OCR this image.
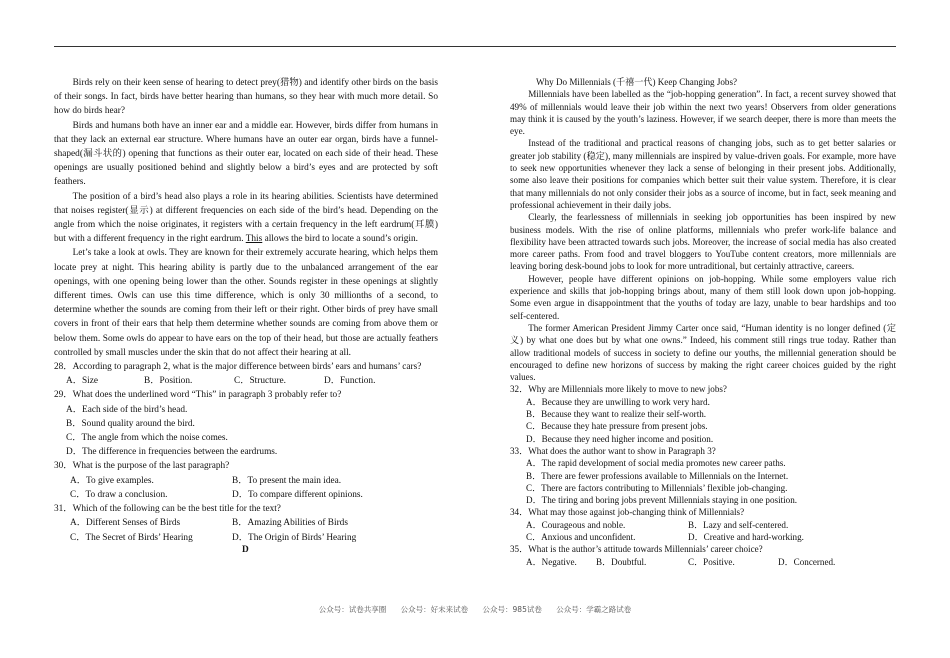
Birds rely on their keen sense of hearing to detect prey(猎物) and identify other birds on the basis of their songs. In fact, birds have better hearing than humans, so they hear with much more detail. So how do birds hear?

Birds and humans both have an inner ear and a middle ear. However, birds differ from humans in that they lack an external ear structure. Where humans have an outer ear organ, birds have a funnel-shaped(漏斗状的) opening that functions as their outer ear, located on each side of their head. These openings are usually positioned behind and slightly below a bird’s eyes and are protected by soft feathers.

The position of a bird’s head also plays a role in its hearing abilities. Scientists have determined that noises register(显示) at different frequencies on each side of the bird’s head. Depending on the angle from which the noise originates, it registers with a certain frequency in the left eardrum(耳膜) but with a different frequency in the right eardrum. This allows the bird to locate a sound’s origin.

Let’s take a look at owls. They are known for their extremely accurate hearing, which helps them locate prey at night. This hearing ability is partly due to the unbalanced arrangement of the ear openings, with one opening being lower than the other. Sounds register in these openings at slightly different times. Owls can use this time difference, which is only 30 millionths of a second, to determine whether the sounds are coming from their left or their right. Other birds of prey have small covers in front of their ears that help them determine whether sounds are coming from above them or below them. Some owls do appear to have ears on the top of their head, but those are actually feathers controlled by small muscles under the skin that do not affect their hearing at all.

28．According to paragraph 2, what is the major difference between birds’ ears and humans’ cars?
A．Size	B．Position.	C．Structure.	D．Function.
29．What does the underlined word “This” in paragraph 3 probably refer to?
A．Each side of the bird’s head.
B．Sound quality around the bird.
C．The angle from which the noise comes.
D．The difference in frequencies between the eardrums.
30．What is the purpose of the last paragraph?
A．To give examples.	B．To present the main idea.
C．To draw a conclusion.	D．To compare different opinions.
31．Which of the following can be the best title for the text?
A．Different Senses of Birds	B．Amazing Abilities of Birds
C．The Secret of Birds’ Hearing	D．The Origin of Birds’ Hearing
D
Why Do Millennials (千禧一代) Keep Changing Jobs?

Millennials have been labelled as the “job-hopping generation”. In fact, a recent survey showed that 49% of millennials would leave their job within the next two years! Observers from older generations may think it is caused by the youth’s laziness. However, if we search deeper, there is more than meets the eye.

Instead of the traditional and practical reasons of changing jobs, such as to get better salaries or greater job stability (稳定), many millennials are inspired by value-driven goals. For example, more have to seek new opportunities whenever they lack a sense of belonging in their present jobs. Additionally, some also leave their positions for companies which better suit their value system. Therefore, it is clear that many millennials do not only consider their jobs as a source of income, but in fact, seek meaning and professional achievement in their daily jobs.

Clearly, the fearlessness of millennials in seeking job opportunities has been inspired by new business models. With the rise of online platforms, millennials who prefer work-life balance and flexibility have been attracted towards such jobs. Moreover, the increase of social media has also created more career paths. From food and travel bloggers to YouTube content creators, more millennials are leaving boring desk-bound jobs to look for more untraditional, but certainly attractive, careers.

However, people have different opinions on job-hopping. While some employers value rich experience and skills that job-hopping brings about, many of them still look down upon job-hopping. Some even argue in disappointment that the youths of today are lazy, unable to bear hardships and too self-centered.

The former American President Jimmy Carter once said, “Human identity is no longer defined (定义) by what one does but by what one owns.” Indeed, his comment still rings true today. Rather than allow traditional models of success in society to define our youths, the millennial generation should be encouraged to define new horizons of success by making the right career choices guided by the right values.

32．Why are Millennials more likely to move to new jobs?
A．Because they are unwilling to work very hard.
B．Because they want to realize their self-worth.
C．Because they hate pressure from present jobs.
D．Because they need higher income and position.
33．What does the author want to show in Paragraph 3?
A．The rapid development of social media promotes new career paths.
B．There are fewer professions available to Millennials on the Internet.
C．There are factors contributing to Millennials’ flexible job-changing.
D．The tiring and boring jobs prevent Millennials staying in one position.
34．What may those against job-changing think of Millennials?
A．Courageous and noble.	B．Lazy and self-centered.
C．Anxious and unconfident.	D．Creative and hard-working.
35．What is the author’s attitude towards Millennials’ career choice?
A．Negative.	B．Doubtful.	C．Positive.	D．Concerned.
公众号：试卷共享圈 公众号：好未来试卷 公众号：985试卷 公众号：学霸之路试卷
